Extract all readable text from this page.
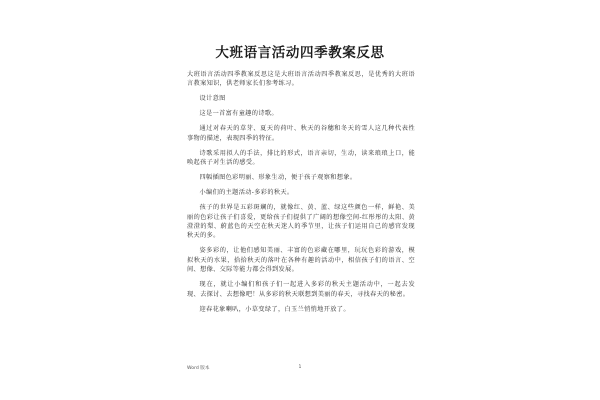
大班语言活动四季教案反思

大班语言活动四季教案反思这是大班语言活动四季教案反思，是优秀的大班语言教案知识，供老师家长们参考练习。

设计意图

这是一首富有童趣的诗歌。

通过对春天的草芽、夏天的荷叶、秋天的谷穗和冬天的雪人这几种代表性事物的描述，表现四季的特征。

诗歌采用拟人的手法，排比的形式，语言亲切，生动，读来琅琅上口，能唤起孩子对生活的感受。

四幅插图色彩明丽、形象生动，便于孩子观察和想象。

小编们的主题活动-多彩的秋天。

孩子的世界是五彩斑斓的，就像红、黄、蓝、绿这些颜色一样，鲜艳、美丽的色彩让孩子们喜爱，更给孩子们提供了广阔的想像空间-红彤彤的太阳、黄澄澄的梨、蔚蓝色的天空在秋天迷人的季节里，让孩子们运用自己的感官发现秋天的多。

姿多彩的，让他们感知美丽、丰富的色彩藏在哪里，玩玩色彩的游戏，模拟秋天的水果，拾拾秋天的落叶在各种有趣的活动中，相信孩子们的语言、空间、想像、交际等能力都会得到发展。

现在，就让小编们和孩子们一起进入多彩的秋天主题活动中，一起去发现、去探讨、去想像吧！从多彩的秋天联想到美丽的春天，寻找春天的秘密。

迎春花象喇叭，小草变绿了，白玉兰悄悄地开放了。

Word 版本	1
